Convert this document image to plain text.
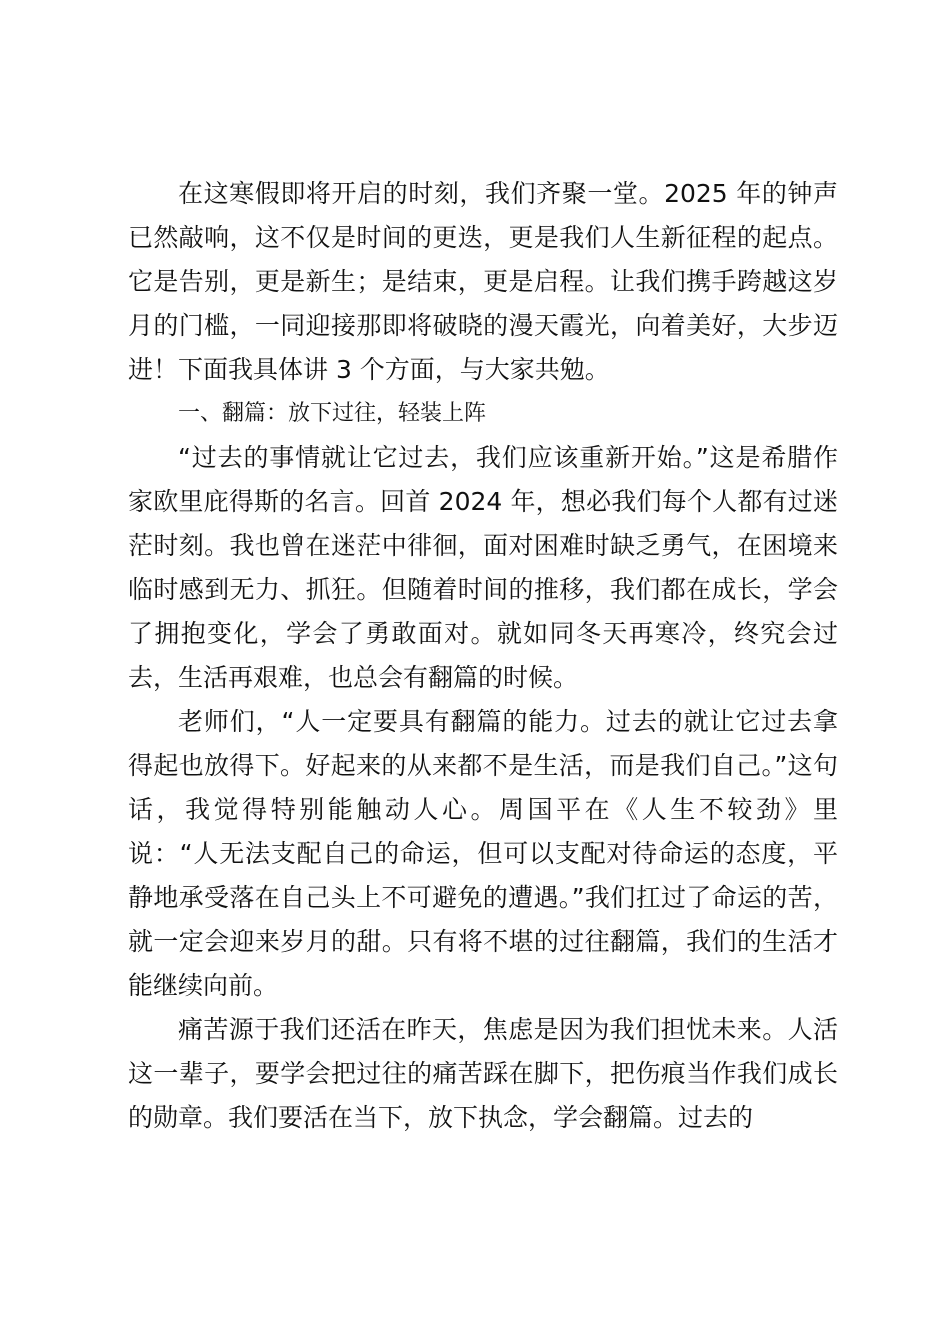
在这寒假即将开启的时刻，我们齐聚一堂。2025 年的钟声已然敲响，这不仅是时间的更迭，更是我们人生新征程的起点。它是告别，更是新生；是结束，更是启程。让我们携手跨越这岁月的门槛，一同迎接那即将破晓的漫天霞光，向着美好，大步迈进！下面我具体讲 3 个方面，与大家共勉。

一、翻篇：放下过往，轻装上阵

“过去的事情就让它过去，我们应该重新开始。”这是希腊作家欧里庇得斯的名言。回首 2024 年，想必我们每个人都有过迷茫时刻。我也曾在迷茫中徘徊，面对困难时缺乏勇气，在困境来临时感到无力、抓狂。但随着时间的推移，我们都在成长，学会了拥抱变化，学会了勇敢面对。就如同冬天再寒冷，终究会过去，生活再艰难，也总会有翻篇的时候。

老师们，“人一定要具有翻篇的能力。过去的就让它过去拿得起也放得下。好起来的从来都不是生活，而是我们自己。”这句话，我觉得特别能触动人心。周国平在《人生不较劲》里说：“人无法支配自己的命运，但可以支配对待命运的态度，平静地承受落在自己头上不可避免的遭遇。”我们扛过了命运的苦，就一定会迎来岁月的甜。只有将不堪的过往翻篇，我们的生活才能继续向前。

痛苦源于我们还活在昨天，焦虑是因为我们担忧未来。人活这一辈子，要学会把过往的痛苦踩在脚下，把伤痕当作我们成长的勋章。我们要活在当下，放下执念，学会翻篇。过去的
